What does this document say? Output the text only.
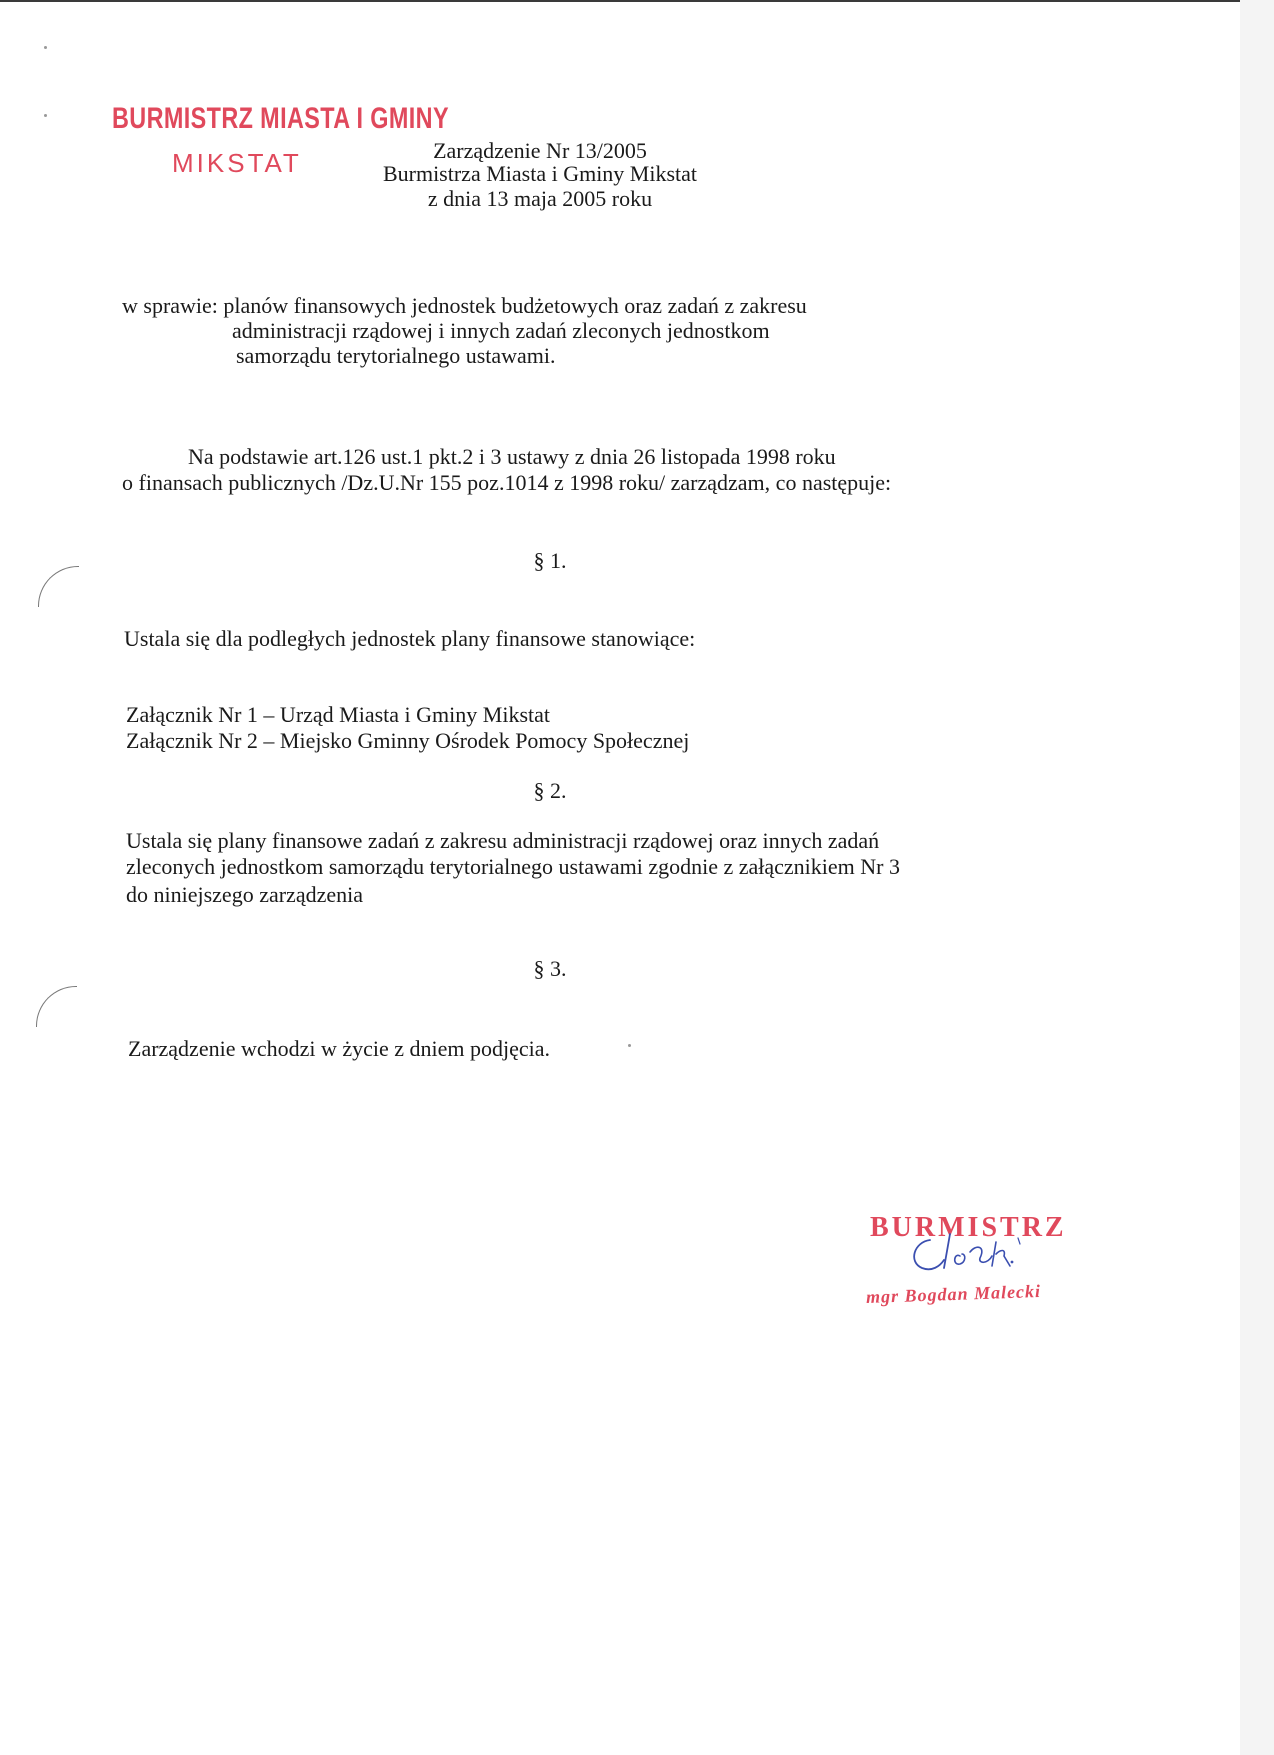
BURMISTRZ MIASTA I GMINY
MIKSTAT	Zarządzenie Nr 13/2005
Burmistrza Miasta i Gminy Mikstat
z dnia 13 maja 2005 roku
w sprawie: planów finansowych jednostek budżetowych oraz zadań z zakresu
administracji rządowej i innych zadań zleconych jednostkom
samorządu terytorialnego ustawami.
Na podstawie art.126 ust.1 pkt.2 i 3 ustawy z dnia 26 listopada 1998 roku
o finansach publicznych /Dz.U.Nr 155 poz.1014 z 1998 roku/ zarządzam, co następuje:
§ 1.
Ustala się dla podległych jednostek plany finansowe stanowiące:
Załącznik Nr 1 – Urząd Miasta i Gminy Mikstat
Załącznik Nr 2 – Miejsko Gminny Ośrodek Pomocy Społecznej
§ 2.
Ustala się plany finansowe zadań z zakresu administracji rządowej oraz innych zadań
zleconych jednostkom samorządu terytorialnego ustawami zgodnie z załącznikiem Nr 3
do niniejszego zarządzenia
§ 3.
Zarządzenie wchodzi w życie z dniem podjęcia.
BURMISTRZ
mgr Bogdan Malecki
